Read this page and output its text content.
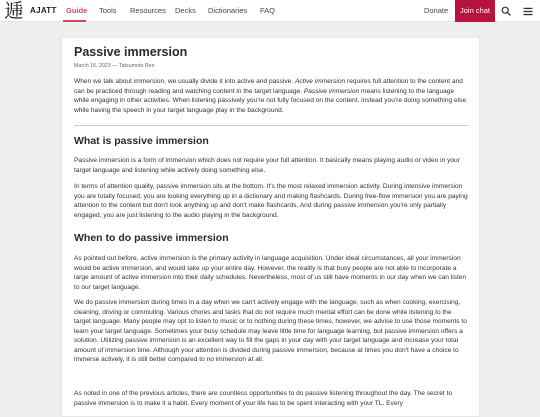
逓 AJATT Guide Tools Resources Decks Dictionaries FAQ	Donate	Join chat
Passive immersion
March 16, 2023 — Tatsumoto Ren

When we talk about immersion, we usually divide it into active and passive. Active immersion requires full attention to the content and can be practiced through reading and watching content in the target language. Passive immersion means listening to the language while engaging in other activities. When listening passively you're not fully focused on the content, instead you're doing something else while having the speech in your target language play in the background.

What is passive immersion

Passive immersion is a form of immersion which does not require your full attention. It basically means playing audio or video in your target language and listening while actively doing something else.

In terms of attention quality, passive immersion sits at the bottom. It's the most relaxed immersion activity. During intensive immersion you are totally focused, you are looking everything up in a dictionary and making flashcards. During free-flow immersion you are paying attention to the content but don't look anything up and don't make flashcards. And during passive immersion you're only partially engaged, you are just listening to the audio playing in the background.

When to do passive immersion

As pointed out before, active immersion is the primary activity in language acquisition. Under ideal circumstances, all your immersion would be active immersion, and would take up your entire day. However, the reality is that busy people are not able to incorporate a large amount of active immersion into their daily schedules. Nevertheless, most of us still have moments in our day when we can listen to our target language.

We do passive immersion during times in a day when we can't actively engage with the language, such as when cooking, exercising, cleaning, driving or commuting. Various chores and tasks that do not require much mental effort can be done while listening to the target language. Many people may opt to listen to music or to nothing during these times, however, we advise to use those moments to learn your target language. Sometimes your busy schedule may leave little time for language learning, but passive immersion offers a solution. Utilizing passive immersion is an excellent way to fill the gaps in your day with your target language and increase your total amount of immersion time. Although your attention is divided during passive immersion, because at times you don't have a choice to immerse actively, it is still better compared to no immersion at all.

As noted in one of the previous articles, there are countless opportunities to do passive listening throughout the day. The secret to passive immersion is to make it a habit. Every moment of your life has to be spent interacting with your TL. Every
